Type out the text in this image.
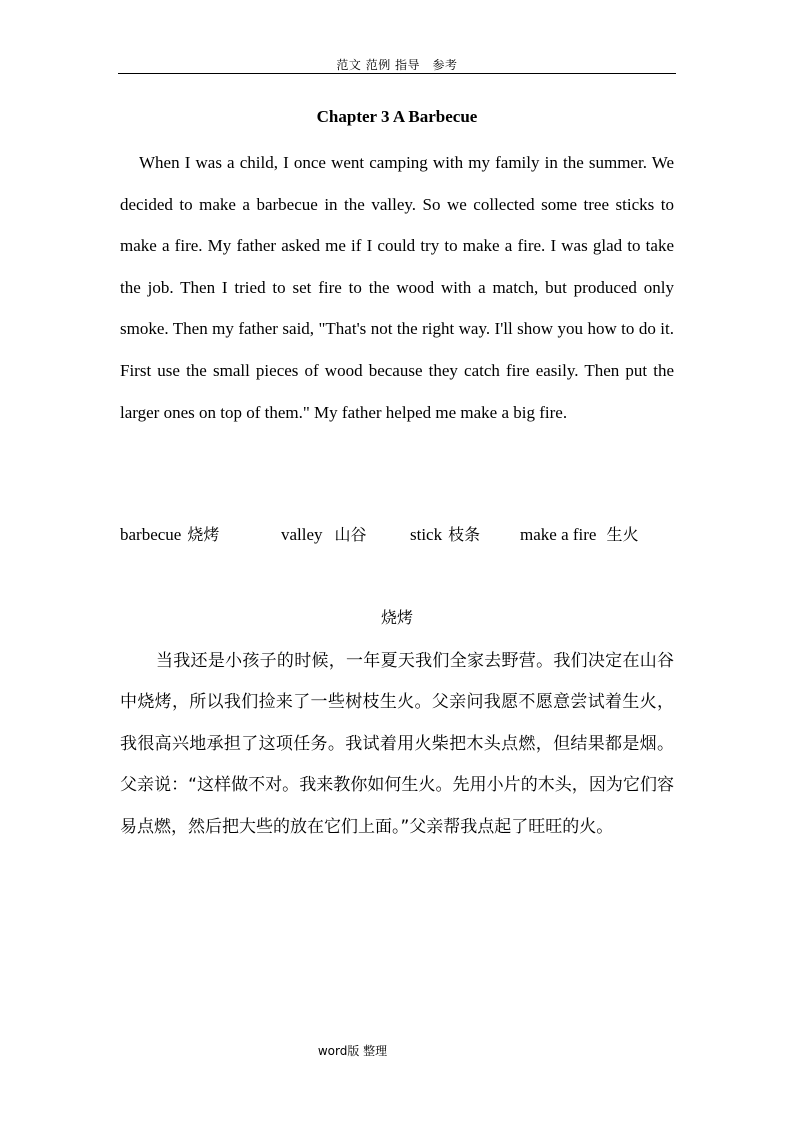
范文 范例 指导　参考
Chapter 3 A Barbecue

When I was a child, I once went camping with my family in the summer. We decided to make a barbecue in the valley. So we collected some tree sticks to make a fire. My father asked me if I could try to make a fire. I was glad to take the job. Then I tried to set fire to the wood with a match, but produced only smoke. Then my father said, "That's not the right way. I'll show you how to do it. First use the small pieces of wood because they catch fire easily. Then put the larger ones on top of them." My father helped me make a big fire.

barbecue 烧烤	valley 山谷	stick 枝条 make a fire 生火
烧烤

当我还是小孩子的时候，一年夏天我们全家去野营。我们决定在山谷中烧烤，所以我们捡来了一些树枝生火。父亲问我愿不愿意尝试着生火，我很高兴地承担了这项任务。我试着用火柴把木头点燃，但结果都是烟。父亲说：“这样做不对。我来教你如何生火。先用小片的木头，因为它们容易点燃，然后把大些的放在它们上面。”父亲帮我点起了旺旺的火。

word版 整理
